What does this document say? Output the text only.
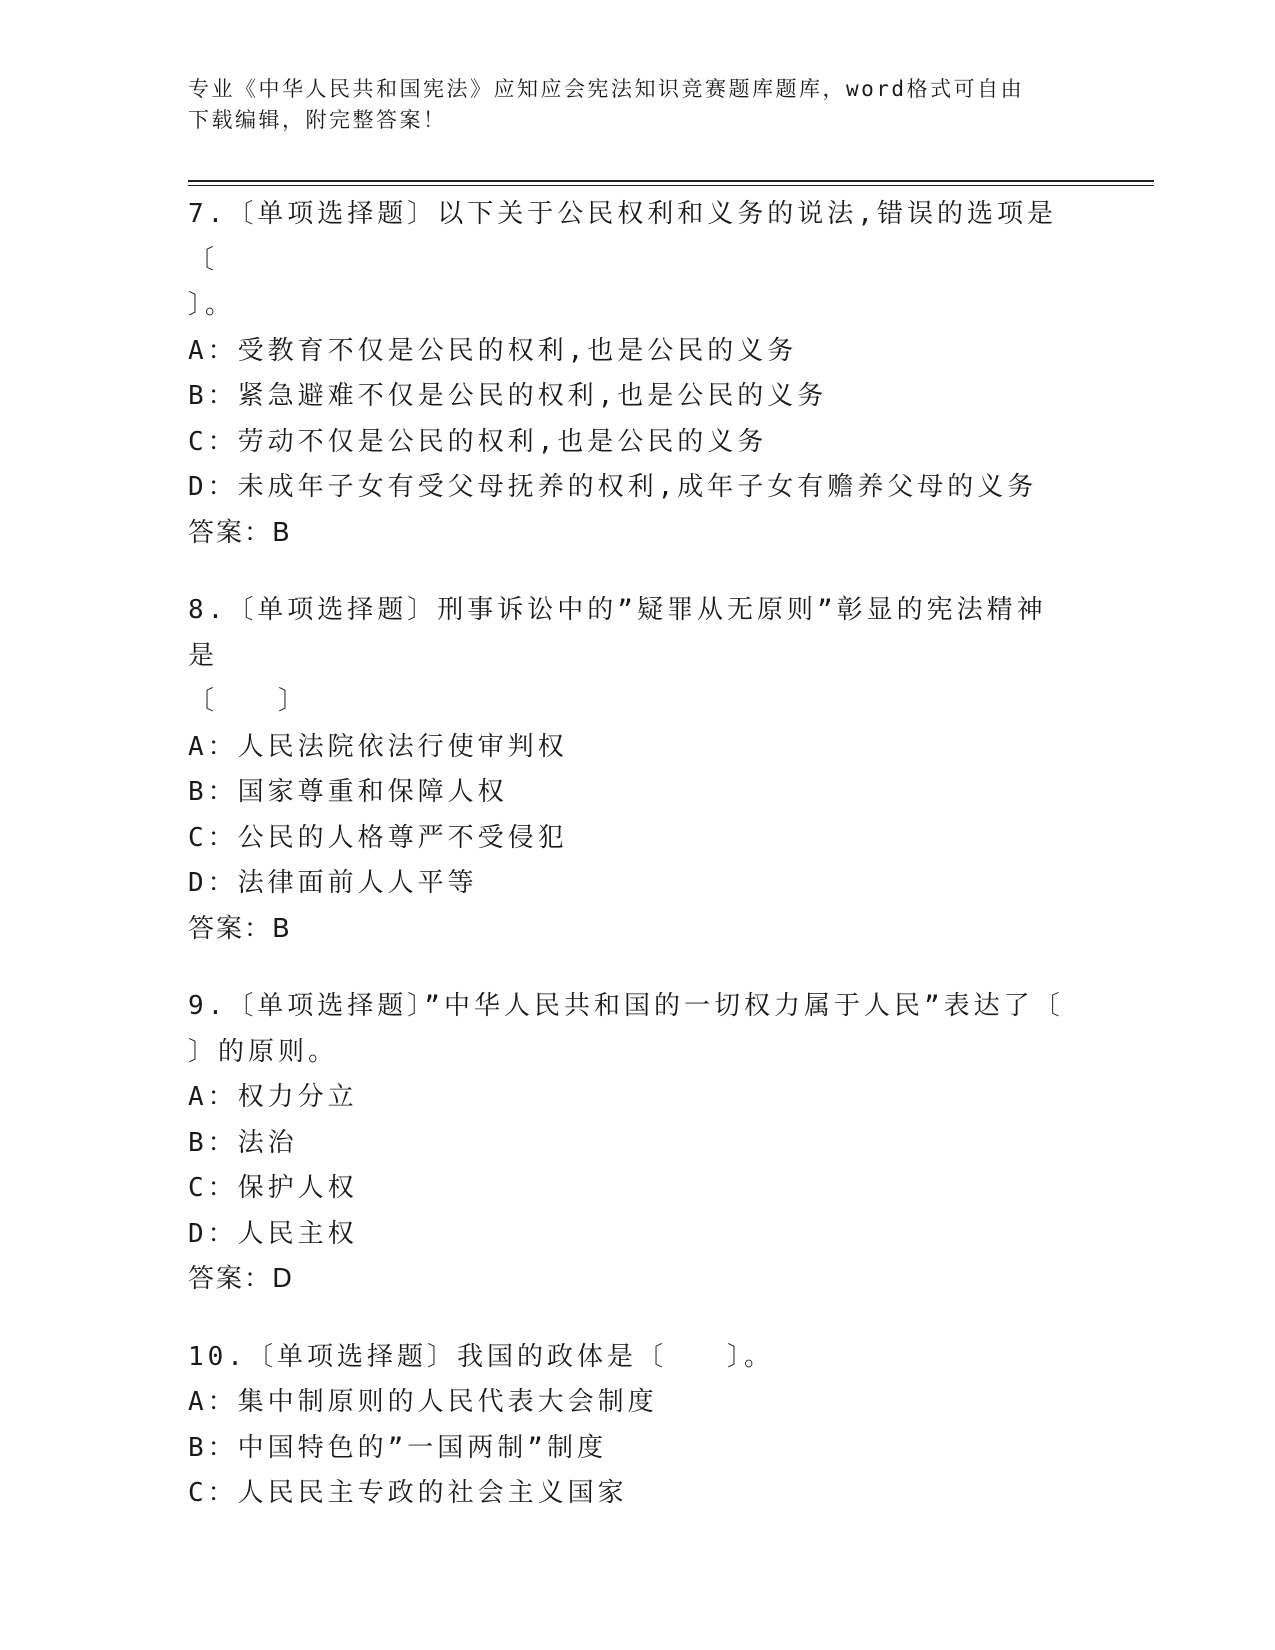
专业《中华人民共和国宪法》应知应会宪法知识竞赛题库题库，word格式可自由
下载编辑，附完整答案！
7.〔单项选择题〕以下关于公民权利和义务的说法,错误的选项是〔
〕。
A：受教育不仅是公民的权利,也是公民的义务
B：紧急避难不仅是公民的权利,也是公民的义务
C：劳动不仅是公民的权利,也是公民的义务
D：未成年子女有受父母抚养的权利,成年子女有赡养父母的义务
答案：B
8.〔单项选择题〕刑事诉讼中的”疑罪从无原则”彰显的宪法精神是
〔　　〕
A：人民法院依法行使审判权
B：国家尊重和保障人权
C：公民的人格尊严不受侵犯
D：法律面前人人平等
答案：B
9.〔单项选择题〕”中华人民共和国的一切权力属于人民”表达了〔
〕的原则。
A：权力分立
B：法治
C：保护人权
D：人民主权
答案：D
10.〔单项选择题〕我国的政体是〔　　〕。
A：集中制原则的人民代表大会制度
B：中国特色的”一国两制”制度
C：人民民主专政的社会主义国家
